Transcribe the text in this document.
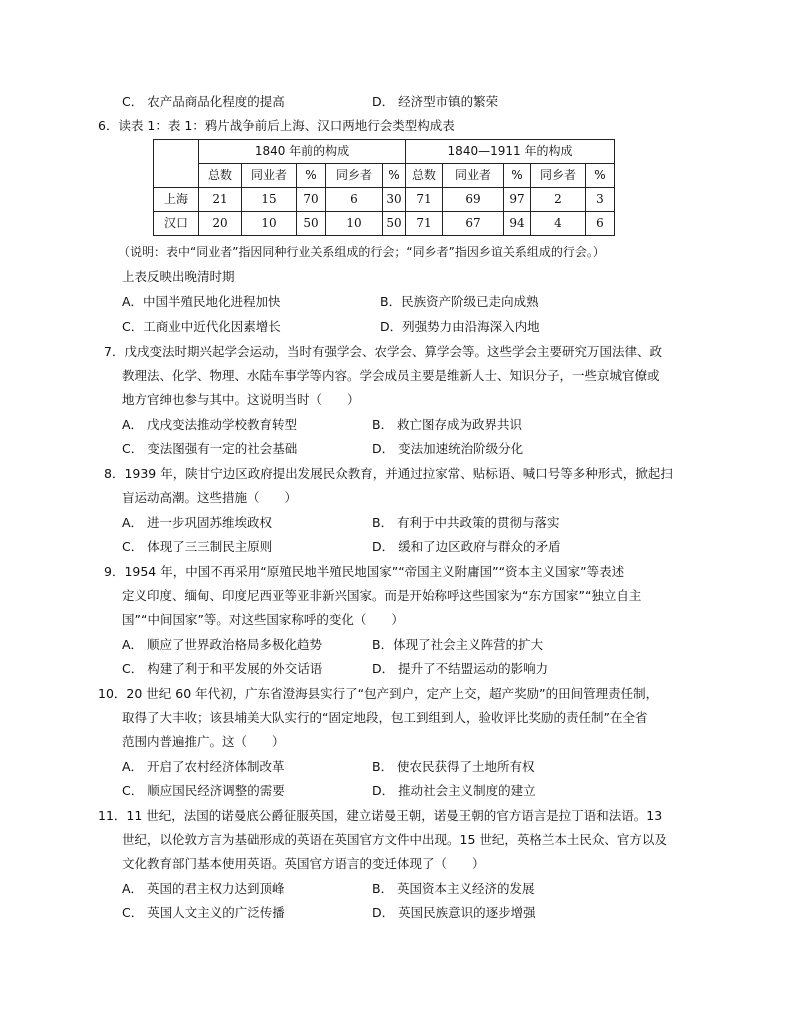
C． 农产品商品化程度的提高	D． 经济型市镇的繁荣
6．读表 1：表 1：鸦片战争前后上海、汉口两地行会类型构成表
	1840 年前的构成					1840—1911 年的构成				
	总数	同业者	%	同乡者	%	总数	同业者	%	同乡者	%
上海	21	15	70	6	30	71	69	97	2	3
汉口	20	10	50	10	50	71	67	94	4	6
（说明：表中“同业者”指因同种行业关系组成的行会；“同乡者”指因乡谊关系组成的行会。）
上表反映出晚清时期
A．中国半殖民地化进程加快	B．民族资产阶级已走向成熟
C．工商业中近代化因素增长	D．列强势力由沿海深入内地
7．戊戌变法时期兴起学会运动，当时有强学会、农学会、算学会等。这些学会主要研究万国法律、政
教理法、化学、物理、水陆车事学等内容。学会成员主要是维新人士、知识分子，一些京城官僚或
地方官绅也参与其中。这说明当时（　　）
A． 戊戌变法推动学校教育转型	B． 救亡图存成为政界共识
C． 变法图强有一定的社会基础	D． 变法加速统治阶级分化
8．1939 年，陕甘宁边区政府提出发展民众教育，并通过拉家常、贴标语、喊口号等多种形式，掀起扫
盲运动高潮。这些措施（　　）
A． 进一步巩固苏维埃政权	B． 有利于中共政策的贯彻与落实
C． 体现了三三制民主原则	D． 缓和了边区政府与群众的矛盾
9．1954 年，中国不再采用“原殖民地半殖民地国家”“帝国主义附庸国”“资本主义国家”等表述
定义印度、缅甸、印度尼西亚等亚非新兴国家。而是开始称呼这些国家为“东方国家”“独立自主
国”“中间国家”等。对这些国家称呼的变化（　　）
A． 顺应了世界政治格局多极化趋势	B．体现了社会主义阵营的扩大
C． 构建了利于和平发展的外交话语	D． 提升了不结盟运动的影响力
10．20 世纪 60 年代初，广东省澄海县实行了“包产到户，定产上交，超产奖励”的田间管理责任制，
取得了大丰收；该县埔美大队实行的“固定地段，包工到组到人，验收评比奖励的责任制”在全省
范围内普遍推广。这（　　）
A． 开启了农村经济体制改革	B． 使农民获得了土地所有权
C． 顺应国民经济调整的需要	D． 推动社会主义制度的建立
11．11 世纪，法国的诺曼底公爵征服英国，建立诺曼王朝，诺曼王朝的官方语言是拉丁语和法语。13
世纪，以伦敦方言为基础形成的英语在英国官方文件中出现。15 世纪，英格兰本土民众、官方以及
文化教育部门基本使用英语。英国官方语言的变迁体现了（　　）
A． 英国的君主权力达到顶峰	B． 英国资本主义经济的发展
C． 英国人文主义的广泛传播	D． 英国民族意识的逐步增强
